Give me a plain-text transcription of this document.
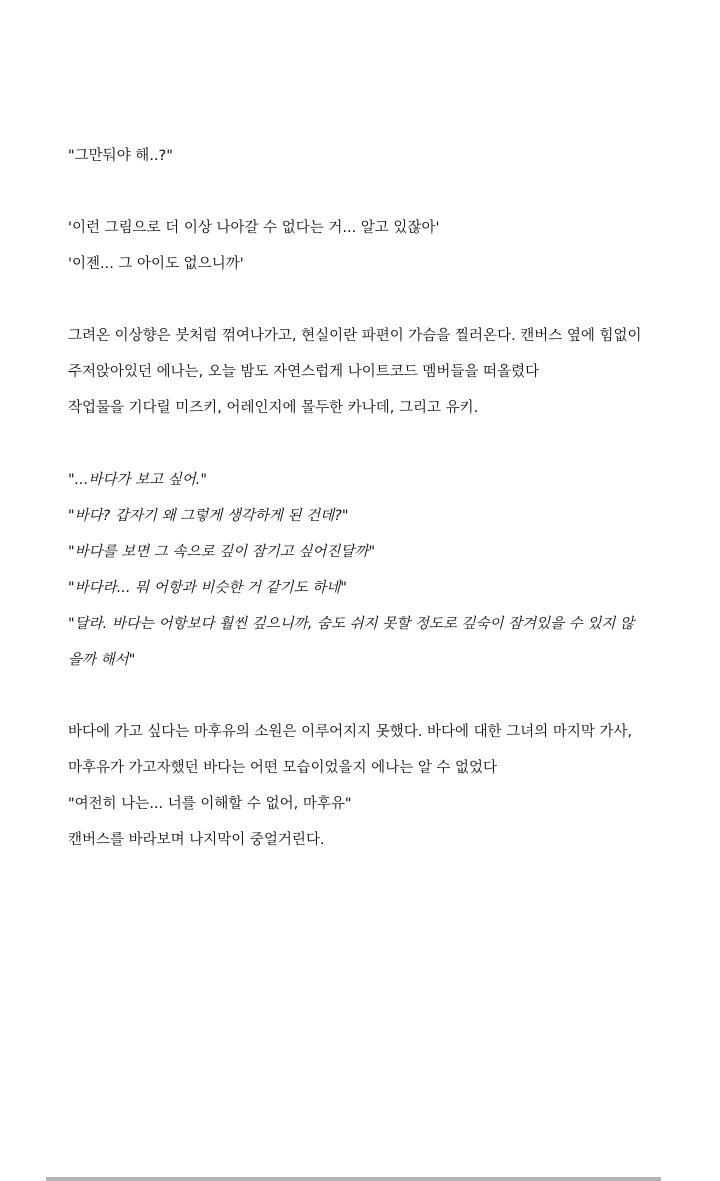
"그만둬야 해..?"
'이런 그림으로 더 이상 나아갈 수 없다는 거... 알고 있잖아'
'이젠... 그 아이도 없으니까'
그려온 이상향은 붓처럼 꺾여나가고, 현실이란 파편이 가슴을 찔러온다. 캔버스 옆에 힘없이
주저앉아있던 에나는, 오늘 밤도 자연스럽게 나이트코드 멤버들을 떠올렸다
작업물을 기다릴 미즈키, 어레인지에 몰두한 카나데, 그리고 유키.
"...바다가 보고 싶어."
"바다? 갑자기 왜 그렇게 생각하게 된 건데?"
"바다를 보면 그 속으로 깊이 잠기고 싶어진달까"
"바다라... 뭐 어항과 비슷한 거 같기도 하네"
"달라. 바다는 어항보다 훨씬 깊으니까, 숨도 쉬지 못할 정도로 깊숙이 잠겨있을 수 있지 않
을까 해서"
바다에 가고 싶다는 마후유의 소원은 이루어지지 못했다. 바다에 대한 그녀의 마지막 가사,
마후유가 가고자했던 바다는 어떤 모습이었을지 에나는 알 수 없었다
"여전히 나는... 너를 이해할 수 없어, 마후유"
캔버스를 바라보며 나지막이 중얼거린다.
